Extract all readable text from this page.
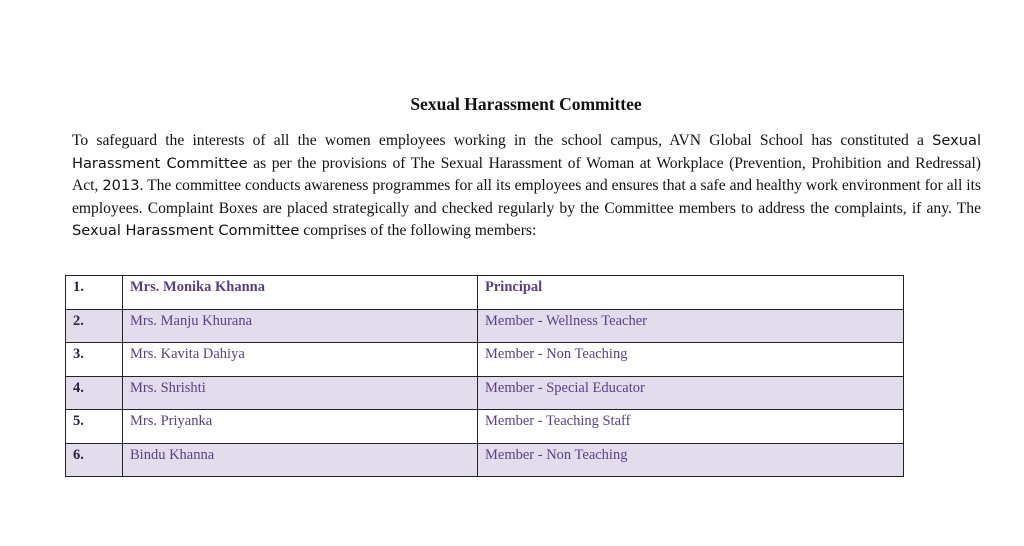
Sexual Harassment Committee

To safeguard the interests of all the women employees working in the school campus, AVN Global School has constituted a Sexual Harassment Committee as per the provisions of The Sexual Harassment of Woman at Workplace (Prevention, Prohibition and Redressal) Act, 2013. The committee conducts awareness programmes for all its employees and ensures that a safe and healthy work environment for all its employees. Complaint Boxes are placed strategically and checked regularly by the Committee members to address the complaints, if any. The Sexual Harassment Committee comprises of the following members:

1.	Mrs. Monika Khanna	Principal
2.	Mrs. Manju Khurana	Member - Wellness Teacher
3.	Mrs. Kavita Dahiya	Member - Non Teaching
4.	Mrs. Shrishti	Member - Special Educator
5.	Mrs. Priyanka	Member - Teaching Staff
6.	Bindu Khanna	Member - Non Teaching
